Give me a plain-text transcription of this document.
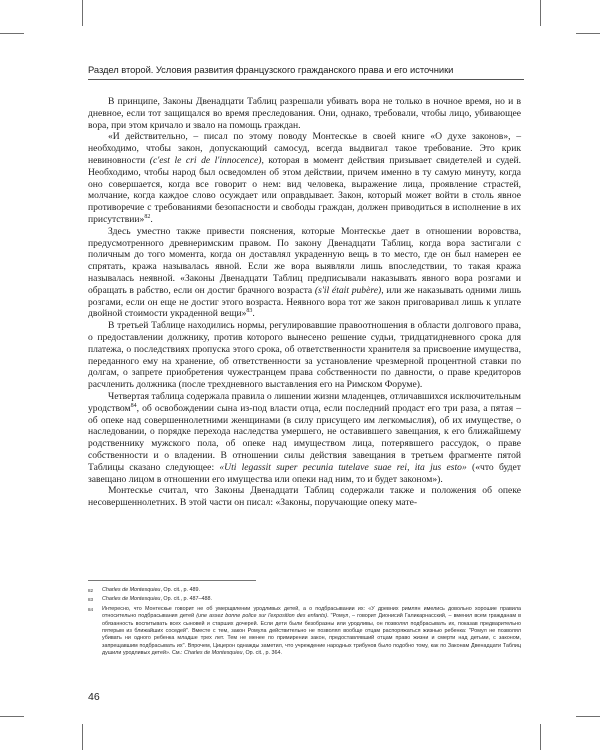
Раздел второй. Условия развития французского гражданского права и его источники

В принципе, Законы Двенадцати Таблиц разрешали убивать вора не только в ночное время, но и в дневное, если тот защищался во время преследования. Они, однако, требовали, чтобы лицо, убивающее вора, при этом кричало и звало на помощь граждан.

«И действительно, – писал по этому поводу Монтескье в своей книге «О духе законов», – необходимо, чтобы закон, допускающий самосуд, всегда выдвигал такое требование. Это крик невиновности (c'est le cri de l'innocence), которая в момент действия призывает свидетелей и судей. Необходимо, чтобы народ был осведомлен об этом действии, причем именно в ту самую минуту, когда оно совершается, когда все говорит о нем: вид человека, выражение лица, проявление страстей, молчание, когда каждое слово осуждает или оправдывает. Закон, который может войти в столь явное противоречие с требованиями безопасности и свободы граждан, должен приводиться в исполнение в их присутствии»$^{82}$.

Здесь уместно также привести пояснения, которые Монтескье дает в отношении воровства, предусмотренного древнеримским правом. По закону Двенадцати Таблиц, когда вора застигали с поличным до того момента, когда он доставлял украденную вещь в то место, где он был намерен ее спрятать, кража называлась явной. Если же вора выявляли лишь впоследствии, то такая кража называлась неявной. «Законы Двенадцати Таблиц предписывали наказывать явного вора розгами и обращать в рабство, если он достиг брачного возраста (s'il était pubère), или же наказывать одними лишь розгами, если он еще не достиг этого возраста. Неявного вора тот же закон приговаривал лишь к уплате двойной стоимости украденной вещи»$^{83}$.

В третьей Таблице находились нормы, регулировавшие правоотношения в области долгового права, о предоставлении должнику, против которого вынесено решение судьи, тридцатидневного срока для платежа, о последствиях пропуска этого срока, об ответственности хранителя за присвоение имущества, переданного ему на хранение, об ответственности за установление чрезмерной процентной ставки по долгам, о запрете приобретения чужестранцем права собственности по давности, о праве кредиторов расчленить должника (после трехдневного выставления его на Римском Форуме).

Четвертая таблица содержала правила о лишении жизни младенцев, отличавшихся исключительным уродством$^{84}$, об освобождении сына из-под власти отца, если последний продаст его три раза, а пятая – об опеке над совершеннолетними женщинами (в силу присущего им легкомыслия), об их имуществе, о наследовании, о порядке перехода наследства умершего, не оставившего завещания, к его ближайшему родственнику мужского пола, об опеке над имуществом лица, потерявшего рассудок, о праве собственности и о владении. В отношении силы действия завещания в третьем фрагменте пятой Таблицы сказано следующее: «Uti legassit super pecunia tutelave suae rei, ita jus esto» («что будет завещано лицом в отношении его имущества или опеки над ним, то и будет законом»).

Монтескье считал, что Законы Двенадцати Таблиц содержали также и положения об опеке несовершеннолетних. В этой части он писал: «Законы, поручающие опеку мате-

82	Charles de Montesquieu, Op. cit., p. 489.
83	Charles de Montesquieu, Op. cit., p. 487–488.
84	Интересно, что Монтескье говорит не об умерщвлении уродливых детей, а о подбрасывании их: «У древних римлян имелись довольно хорошие правила относительно подбрасывания детей (une assez bonne police sur l'exposition des enfants). "Ромул, – говорит Дионисий Галикарнасский, – вменил всем гражданам в обязанность воспитывать всех сыновей и старших дочерей. Если дети были безобразны или уродливы, он позволял подбрасывать их, показав предварительно пятерым из ближайших соседей". Вместе с тем, закон Ромула действительно не позволял вообще отцам распоряжаться жизнью ребенка: "Ромул не позволял убивать ни одного ребенка младше трех лет. Тем не менее по примирении закон, предоставлявший отцам право жизни и смерти над детьми, с законом, запрещавшим подбрасывать их". Впрочем, Цицерон однажды заметил, что учреждение народных трибунов было подобно тому, как по Законам Двенадцати Таблиц душили уродливых детей». См.: Charles de Montesquieu, Op. cit., p. 364.
46
